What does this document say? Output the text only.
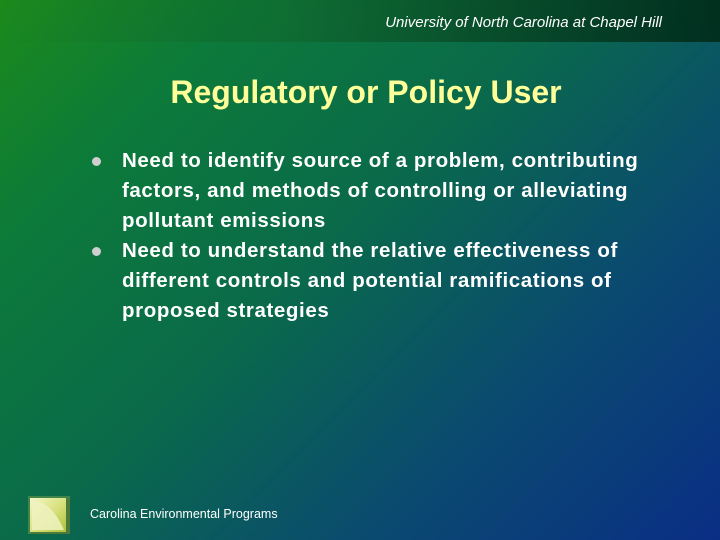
University of North Carolina at Chapel Hill
Regulatory or Policy User
Need to identify source of a problem, contributing factors, and methods of controlling or alleviating pollutant emissions
Need to understand the relative effectiveness of different controls and potential ramifications of proposed strategies
Carolina Environmental Programs
